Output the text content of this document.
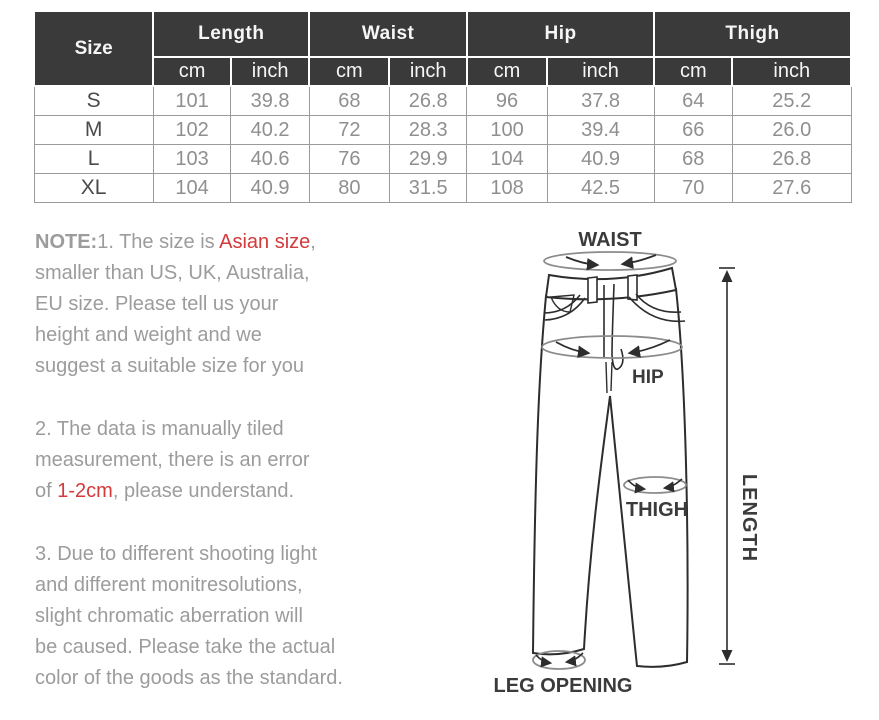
Size	Length		Waist		Hip		Thigh	
	cm	inch	cm	inch	cm	inch	cm	inch
S	101	39.8	68	26.8	96	37.8	64	25.2
M	102	40.2	72	28.3	100	39.4	66	26.0
L	103	40.6	76	29.9	104	40.9	68	26.8
XL	104	40.9	80	31.5	108	42.5	70	27.6
NOTE:1. The size is Asian size,
smaller than US, UK, Australia,
EU size. Please tell us your
height and weight and we
suggest a suitable size for you
2. The data is manually tiled
measurement, there is an error
of 1-2cm, please understand.
3. Due to different shooting light
and different monitresolutions,
slight chromatic aberration will
be caused. Please take the actual
color of the goods as the standard.
WAIST
HIP
THIGH LENGTH
LEG OPENING
